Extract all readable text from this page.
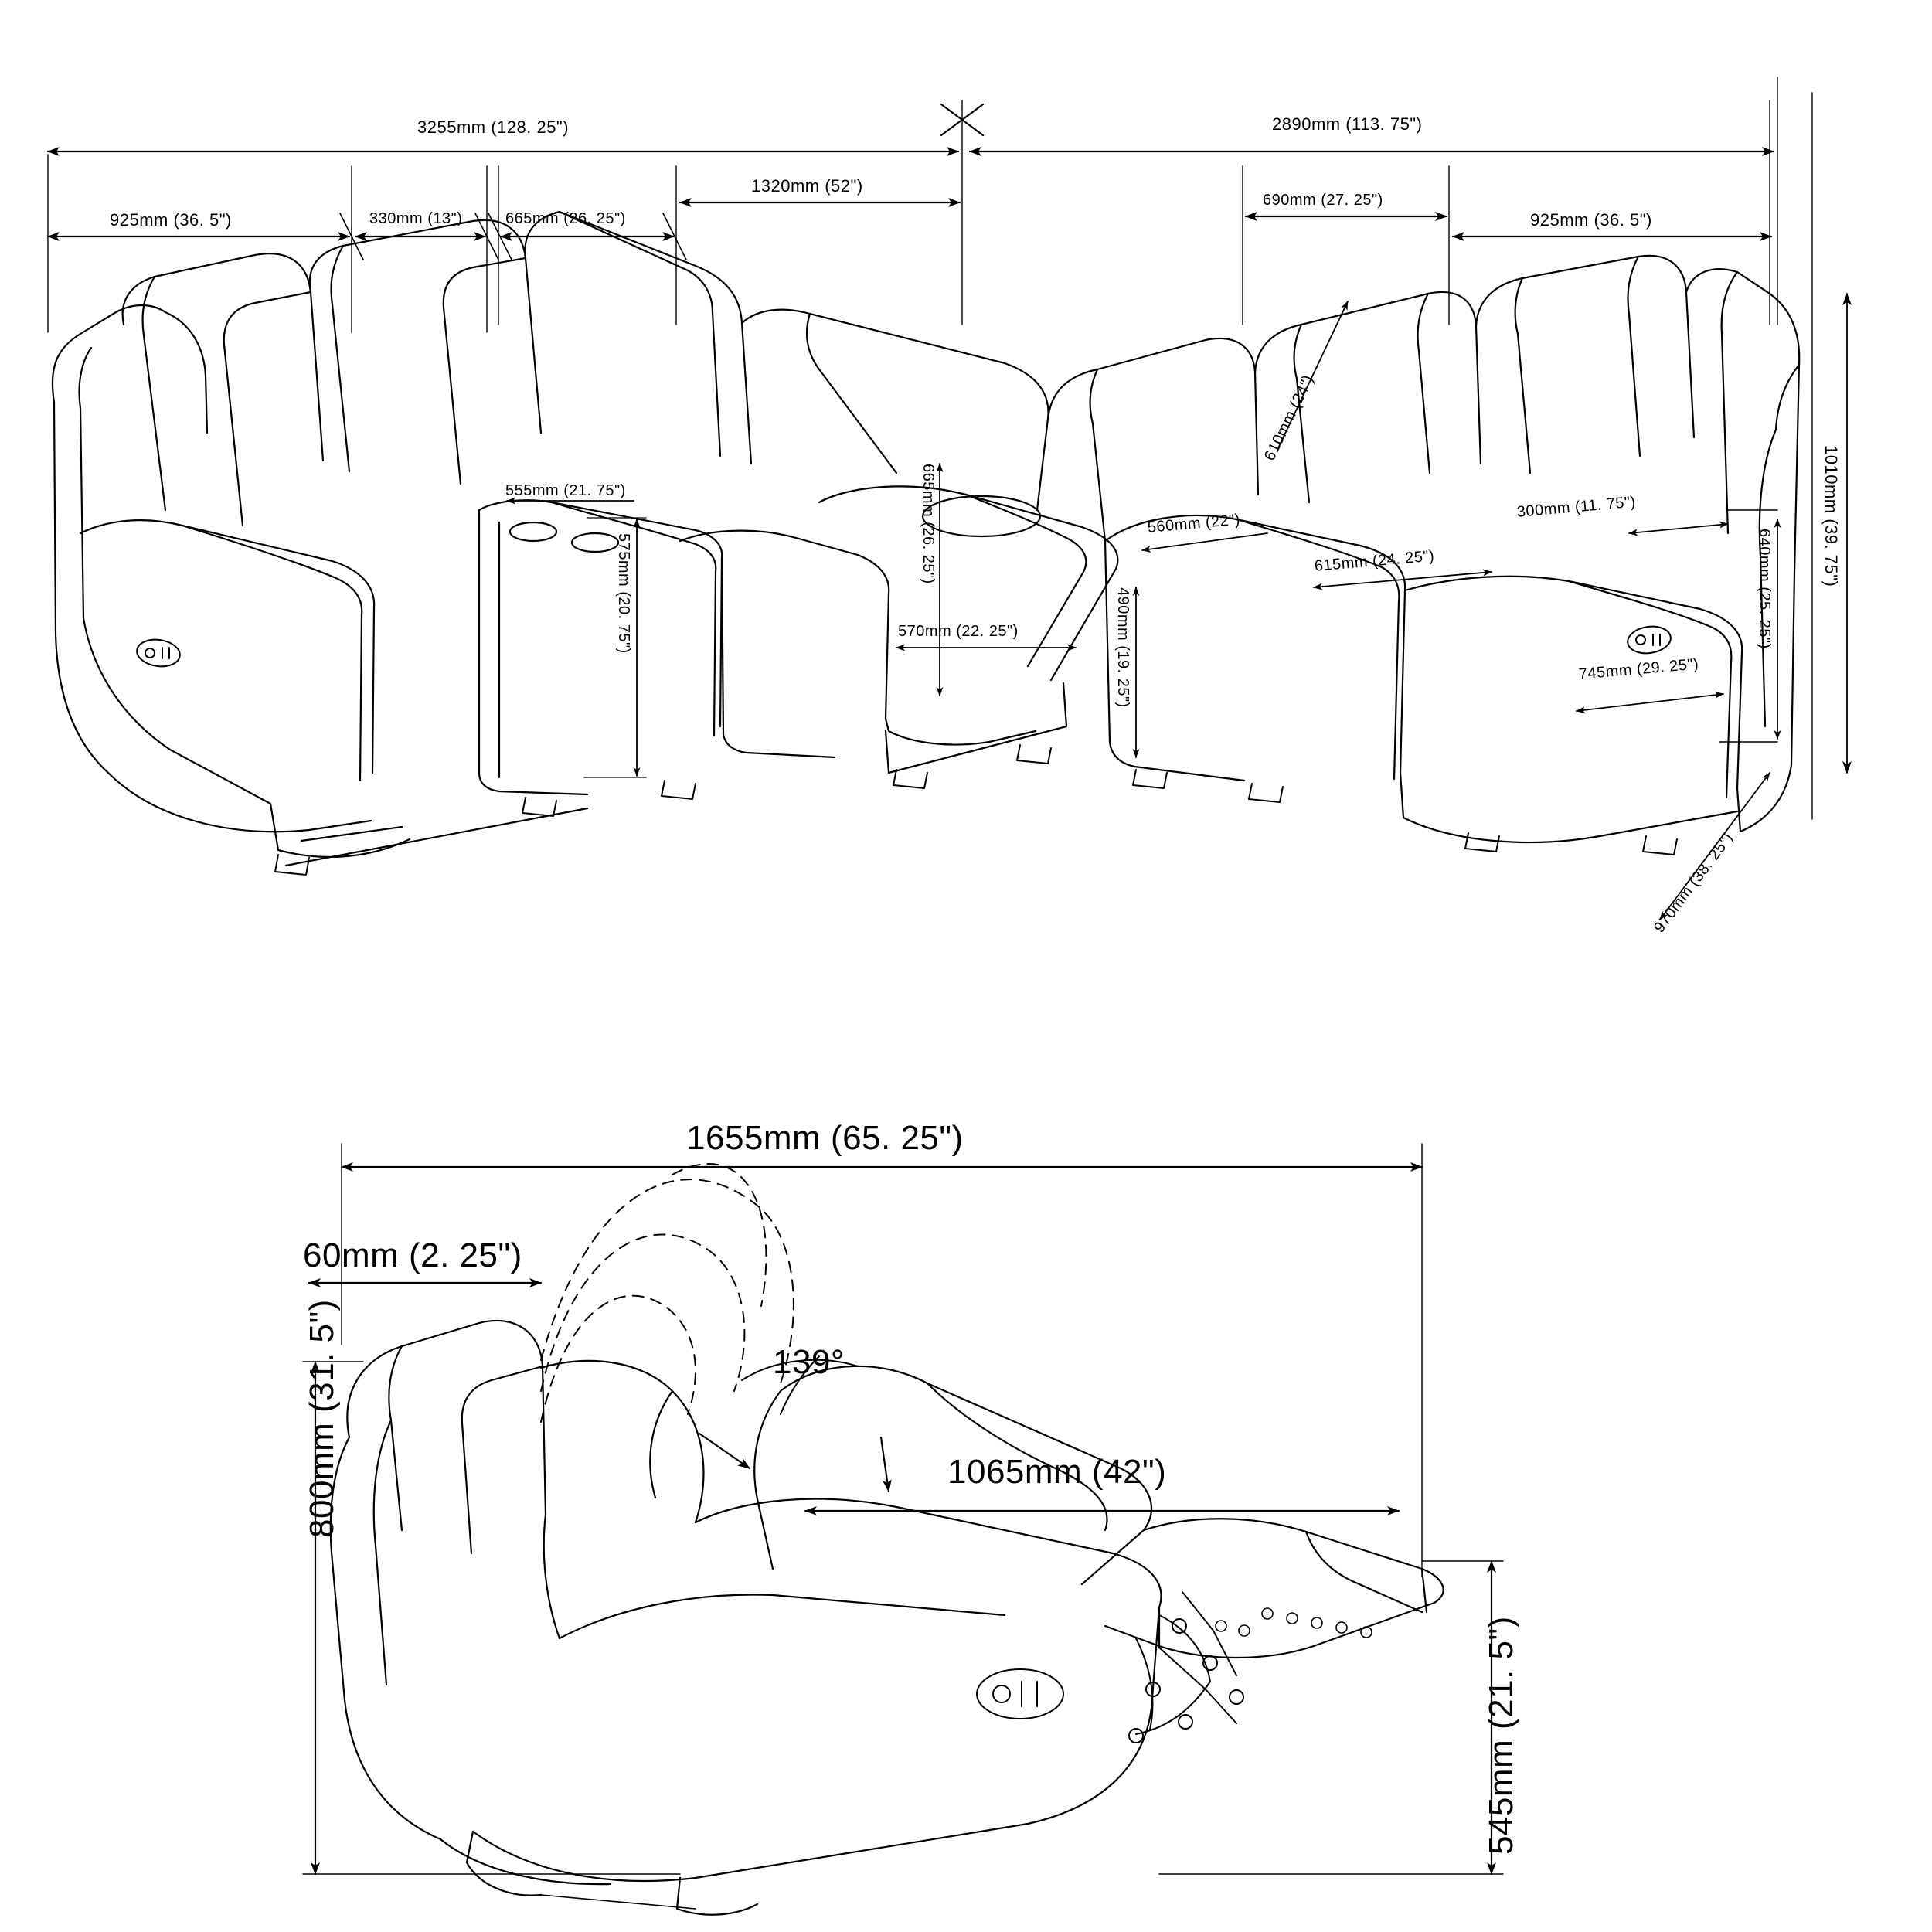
3255mm (128. 25")	2890mm (113. 75")
925mm (36. 5")	330mm (13")	665mm (26. 25")
1320mm (52")
690mm (27. 25")
925mm (36. 5")
555mm (21. 75")
575mm (20. 75")
665mm (26. 25")
570mm (22. 25")
610mm (24")
560mm (22")
615mm (24. 25")
300mm (11. 75")
490mm (19. 25")	745mm (29. 25")
1010mm (39. 75")
640mm (25. 25")
970mm (38. 25")
1655mm (65. 25")
60mm (2. 25")
139°
1065mm (42")
800mm (31. 5")
545mm (21. 5")
